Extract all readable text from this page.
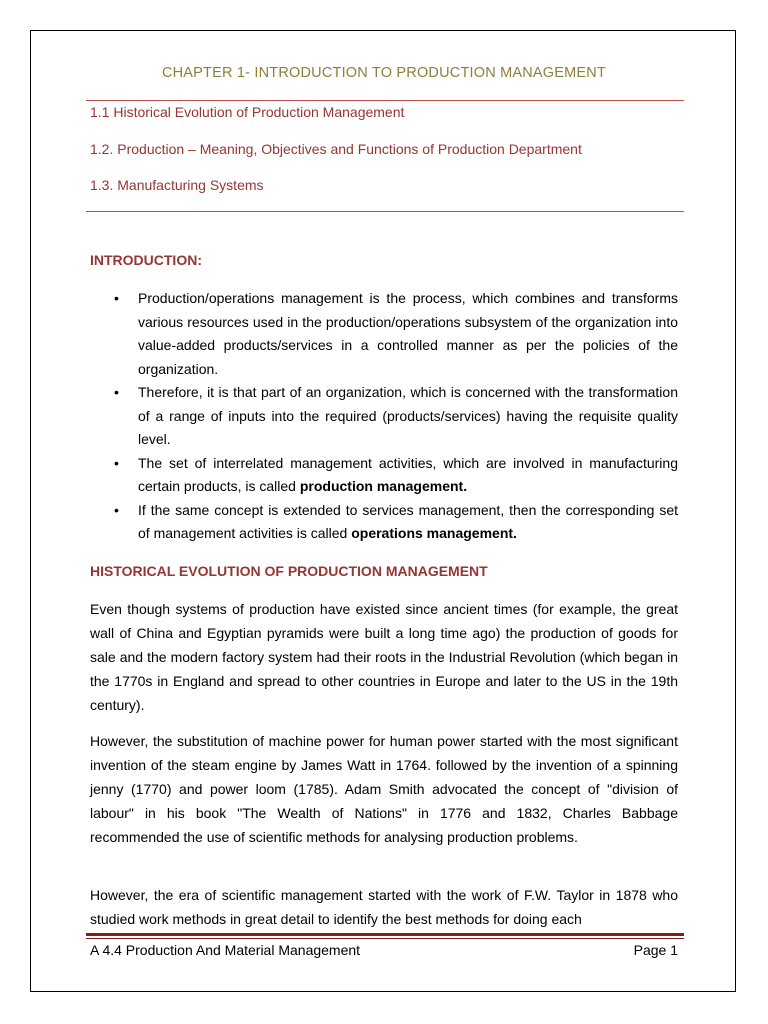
CHAPTER 1- INTRODUCTION TO PRODUCTION MANAGEMENT
1.1 Historical Evolution of Production Management
1.2. Production – Meaning, Objectives and Functions of Production Department
1.3. Manufacturing Systems
INTRODUCTION:
• Production/operations management is the process, which combines and transforms various resources used in the production/operations subsystem of the organization into value-added products/services in a controlled manner as per the policies of the organization.
• Therefore, it is that part of an organization, which is concerned with the transformation of a range of inputs into the required (products/services) having the requisite quality level.
• The set of interrelated management activities, which are involved in manufacturing certain products, is called production management.
• If the same concept is extended to services management, then the corresponding set of management activities is called operations management.
HISTORICAL EVOLUTION OF PRODUCTION MANAGEMENT

Even though systems of production have existed since ancient times (for example, the great wall of China and Egyptian pyramids were built a long time ago) the production of goods for sale and the modern factory system had their roots in the Industrial Revolution (which began in the 1770s in England and spread to other countries in Europe and later to the US in the 19th century).

However, the substitution of machine power for human power started with the most significant invention of the steam engine by James Watt in 1764. followed by the invention of a spinning jenny (1770) and power loom (1785). Adam Smith advocated the concept of "division of labour" in his book "The Wealth of Nations" in 1776 and 1832, Charles Babbage recommended the use of scientific methods for analysing production problems.

However, the era of scientific management started with the work of F.W. Taylor in 1878 who studied work methods in great detail to identify the best methods for doing each

A 4.4 Production And Material Management	Page 1
